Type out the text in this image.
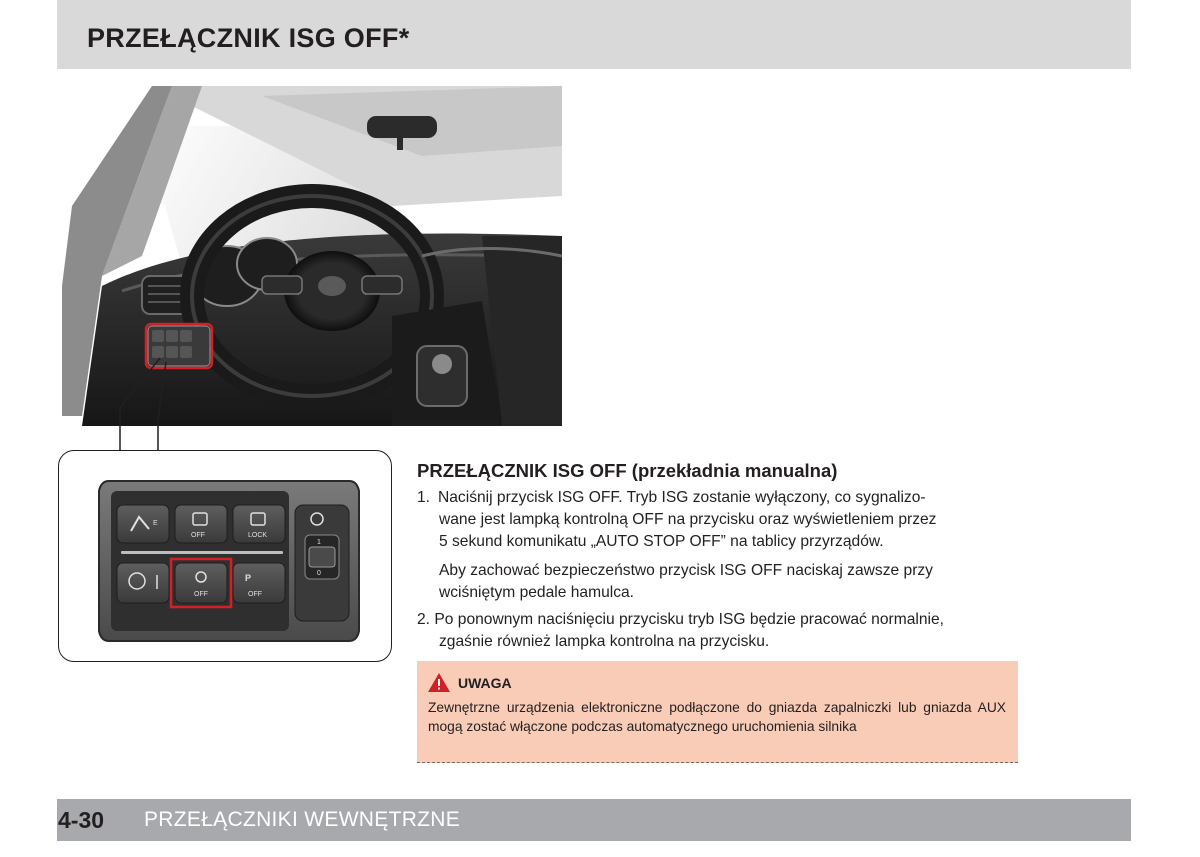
PRZEŁĄCZNIK ISG OFF*
E
OFF	LOCK
OFF
P
OFF
1
0
PRZEŁĄCZNIK ISG OFF (przekładnia manualna)
1. Naciśnij przycisk ISG OFF. Tryb ISG zostanie wyłączony, co sygnalizo-
wane jest lampką kontrolną OFF na przycisku oraz wyświetleniem przez
5 sekund komunikatu „AUTO STOP OFF” na tablicy przyrządów.
Aby zachować bezpieczeństwo przycisk ISG OFF naciskaj zawsze przy
wciśniętym pedale hamulca.
2. Po ponownym naciśnięciu przycisku tryb ISG będzie pracować normalnie,
zgaśnie również lampka kontrolna na przycisku.
UWAGA
Zewnętrzne urządzenia elektroniczne podłączone do gniazda zapalniczki lub gniazda AUX mogą zostać włączone podczas automatycznego uruchomienia silnika
4-30 PRZEŁĄCZNIKI WEWNĘTRZNE
